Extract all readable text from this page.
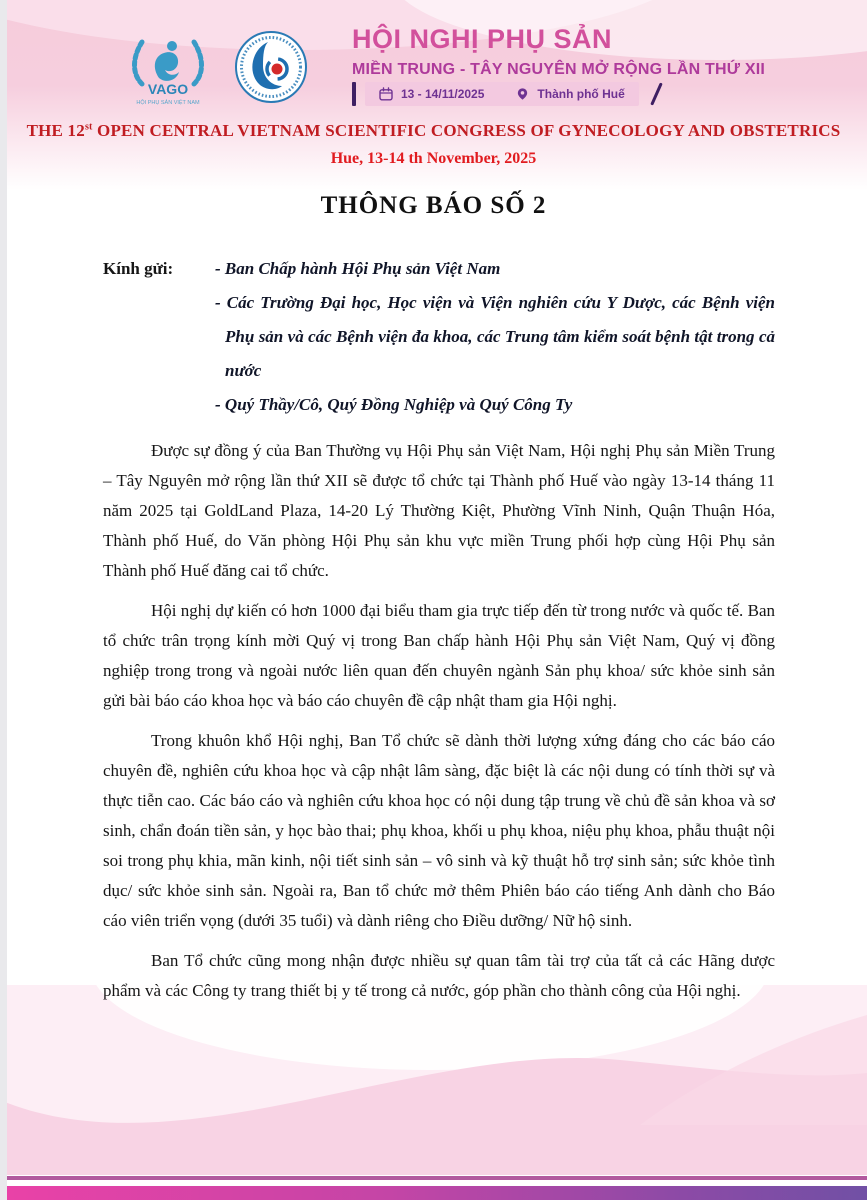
VAGO
HỘI PHỤ SẢN VIỆT NAM
HỘI NGHỊ PHỤ SẢN
MIỀN TRUNG - TÂY NGUYÊN MỞ RỘNG LẦN THỨ XII
13 - 14/11/2025	Thành phố Huế
THE 12st OPEN CENTRAL VIETNAM SCIENTIFIC CONGRESS OF GYNECOLOGY AND OBSTETRICS
Hue, 13-14 th November, 2025
THÔNG BÁO SỐ 2
Kính gửi:	- Ban Chấp hành Hội Phụ sản Việt Nam
- Các Trường Đại học, Học viện và Viện nghiên cứu Y Dược, các Bệnh viện Phụ sản và các Bệnh viện đa khoa, các Trung tâm kiểm soát bệnh tật trong cả nước
- Quý Thầy/Cô, Quý Đồng Nghiệp và Quý Công Ty

Được sự đồng ý của Ban Thường vụ Hội Phụ sản Việt Nam, Hội nghị Phụ sản Miền Trung – Tây Nguyên mở rộng lần thứ XII sẽ được tổ chức tại Thành phố Huế vào ngày 13-14 tháng 11 năm 2025 tại GoldLand Plaza, 14-20 Lý Thường Kiệt, Phường Vĩnh Ninh, Quận Thuận Hóa, Thành phố Huế, do Văn phòng Hội Phụ sản khu vực miền Trung phối hợp cùng Hội Phụ sản Thành phố Huế đăng cai tổ chức.

Hội nghị dự kiến có hơn 1000 đại biểu tham gia trực tiếp đến từ trong nước và quốc tế. Ban tổ chức trân trọng kính mời Quý vị trong Ban chấp hành Hội Phụ sản Việt Nam, Quý vị đồng nghiệp trong trong và ngoài nước liên quan đến chuyên ngành Sản phụ khoa/ sức khỏe sinh sản gửi bài báo cáo khoa học và báo cáo chuyên đề cập nhật tham gia Hội nghị.

Trong khuôn khổ Hội nghị, Ban Tổ chức sẽ dành thời lượng xứng đáng cho các báo cáo chuyên đề, nghiên cứu khoa học và cập nhật lâm sàng, đặc biệt là các nội dung có tính thời sự và thực tiễn cao. Các báo cáo và nghiên cứu khoa học có nội dung tập trung về chủ đề sản khoa và sơ sinh, chẩn đoán tiền sản, y học bào thai; phụ khoa, khối u phụ khoa, niệu phụ khoa, phẫu thuật nội soi trong phụ khia, mãn kinh, nội tiết sinh sản – vô sinh và kỹ thuật hỗ trợ sinh sản; sức khỏe tình dục/ sức khỏe sinh sản. Ngoài ra, Ban tổ chức mở thêm Phiên báo cáo tiếng Anh dành cho Báo cáo viên triển vọng (dưới 35 tuổi) và dành riêng cho Điều dưỡng/ Nữ hộ sinh.

Ban Tổ chức cũng mong nhận được nhiều sự quan tâm tài trợ của tất cả các Hãng dược phẩm và các Công ty trang thiết bị y tế trong cả nước, góp phần cho thành công của Hội nghị.
